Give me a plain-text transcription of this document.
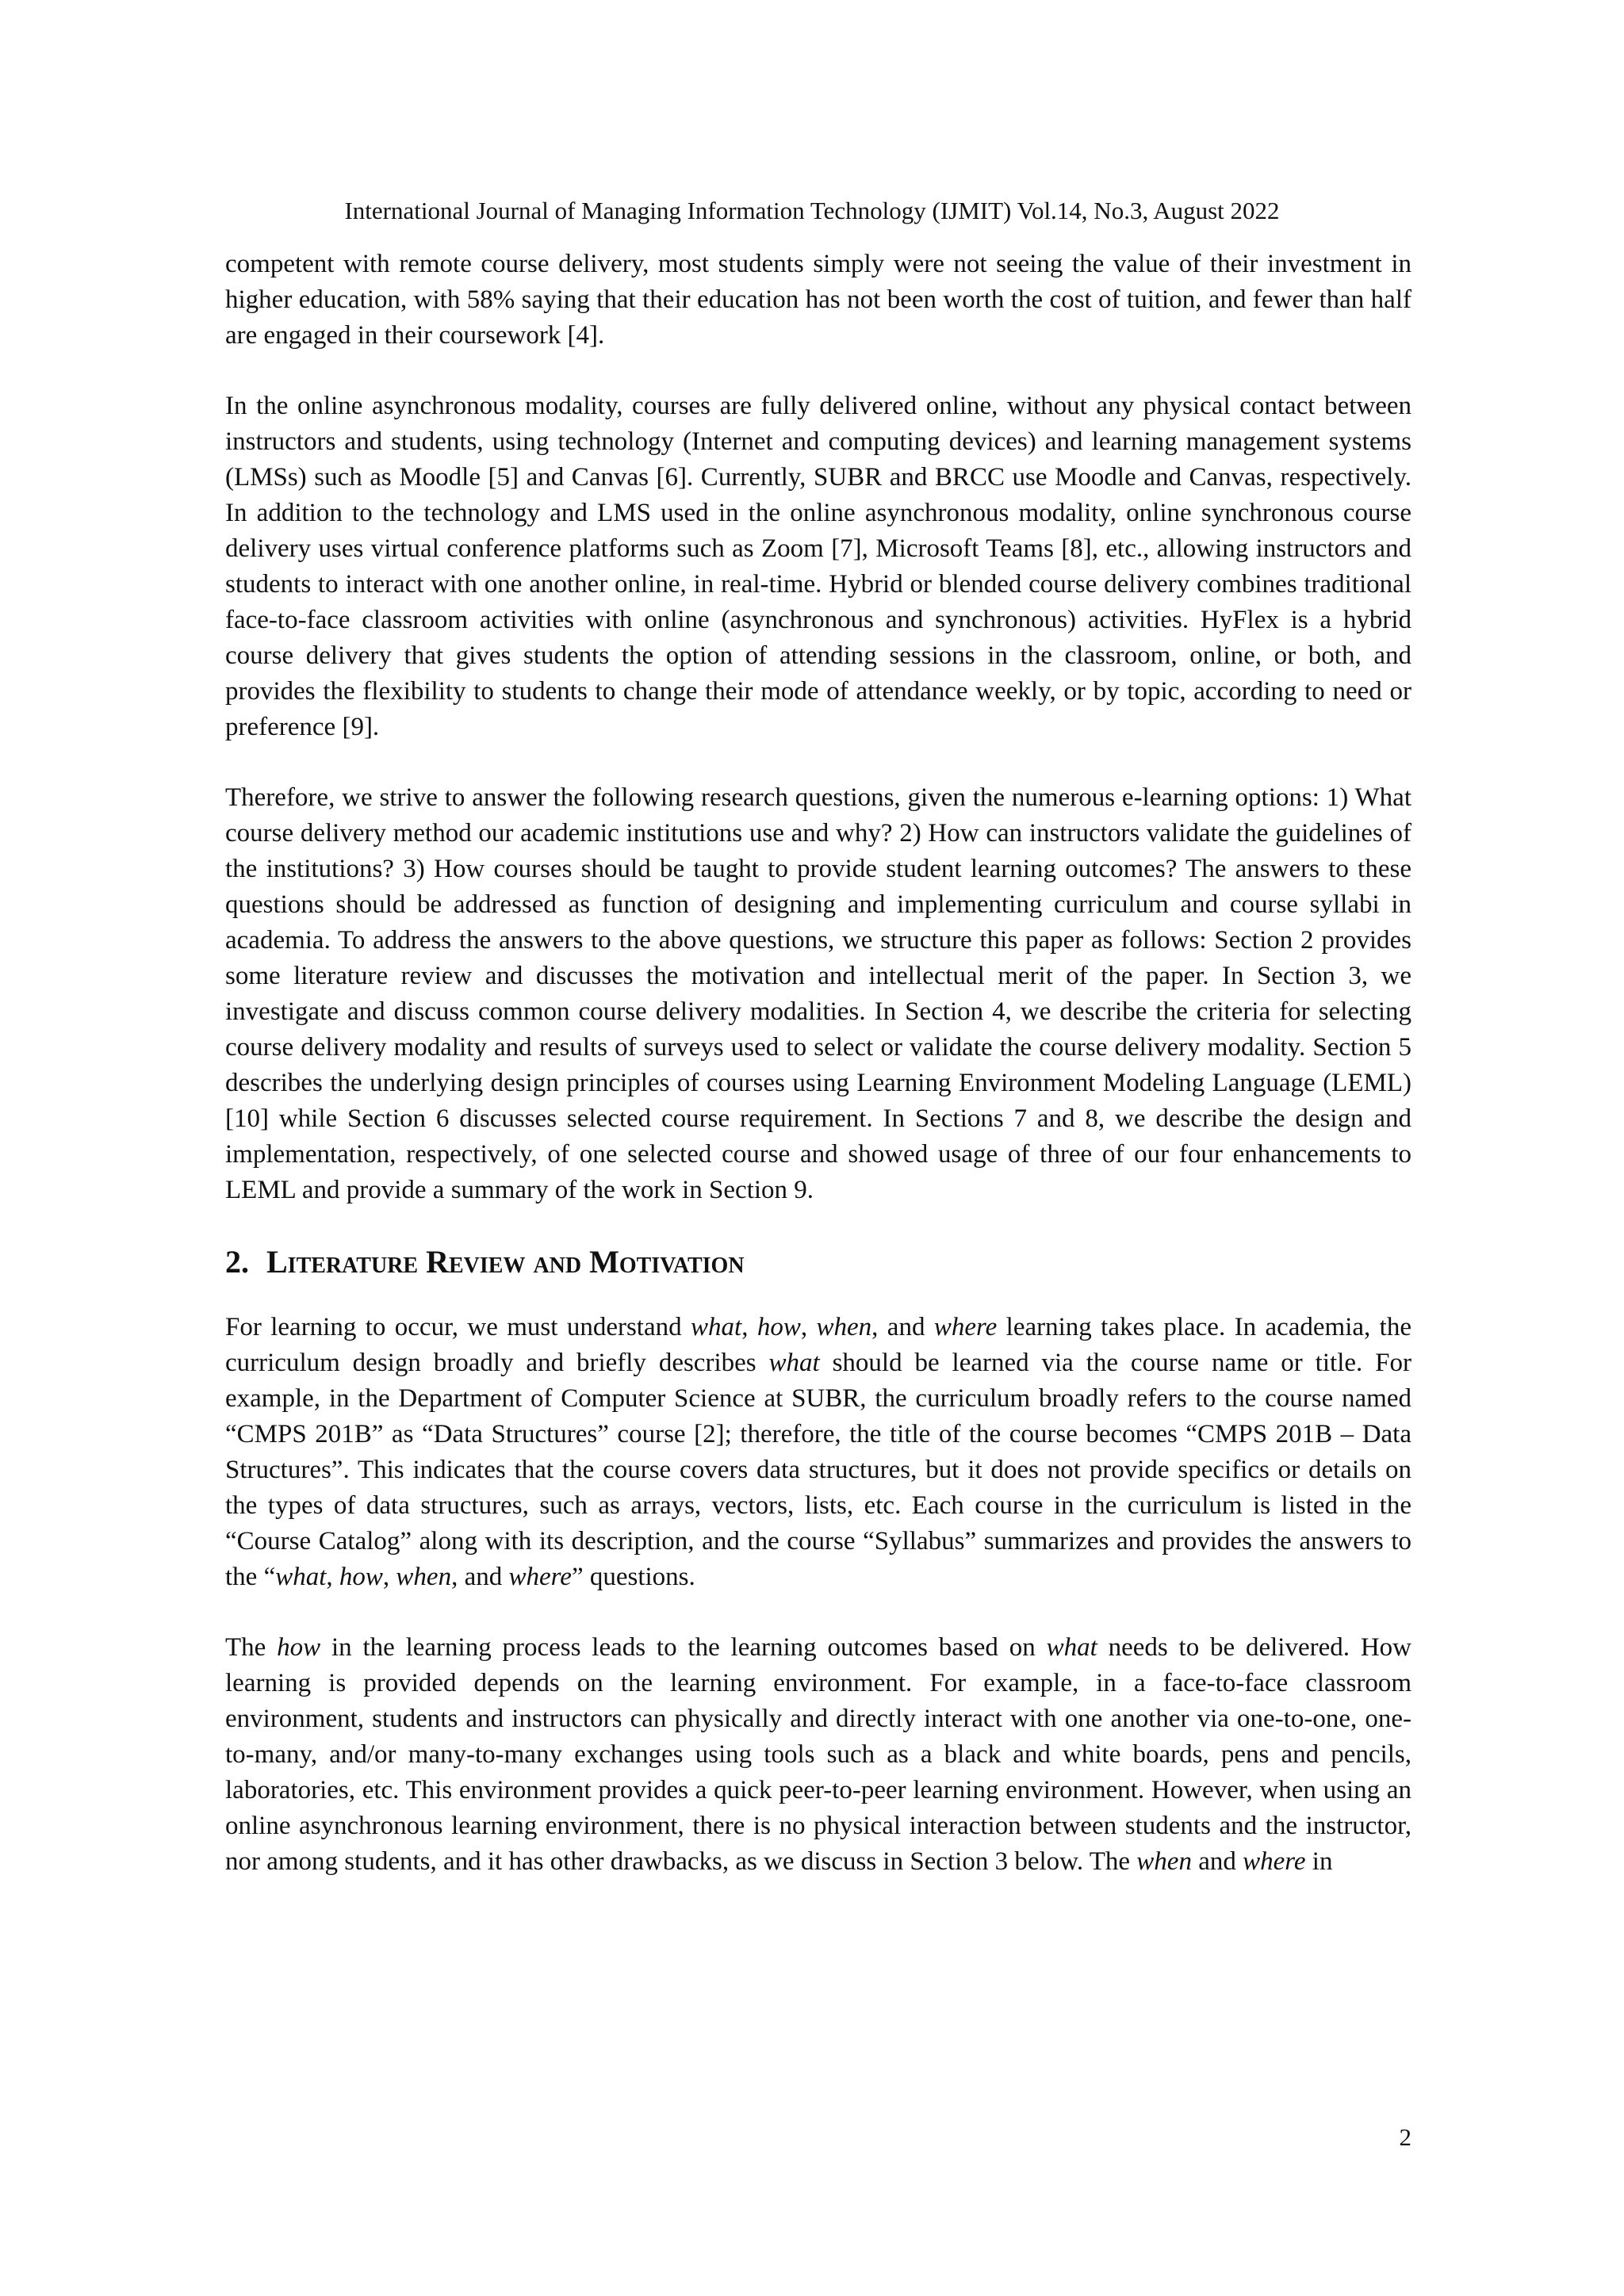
International Journal of Managing Information Technology (IJMIT) Vol.14, No.3, August 2022

competent with remote course delivery, most students simply were not seeing the value of their investment in higher education, with 58% saying that their education has not been worth the cost of tuition, and fewer than half are engaged in their coursework [4].

In the online asynchronous modality, courses are fully delivered online, without any physical contact between instructors and students, using technology (Internet and computing devices) and learning management systems (LMSs) such as Moodle [5] and Canvas [6]. Currently, SUBR and BRCC use Moodle and Canvas, respectively. In addition to the technology and LMS used in the online asynchronous modality, online synchronous course delivery uses virtual conference platforms such as Zoom [7], Microsoft Teams [8], etc., allowing instructors and students to interact with one another online, in real-time. Hybrid or blended course delivery combines traditional face-to-face classroom activities with online (asynchronous and synchronous) activities. HyFlex is a hybrid course delivery that gives students the option of attending sessions in the classroom, online, or both, and provides the flexibility to students to change their mode of attendance weekly, or by topic, according to need or preference [9].

Therefore, we strive to answer the following research questions, given the numerous e-learning options: 1) What course delivery method our academic institutions use and why? 2) How can instructors validate the guidelines of the institutions? 3) How courses should be taught to provide student learning outcomes? The answers to these questions should be addressed as function of designing and implementing curriculum and course syllabi in academia. To address the answers to the above questions, we structure this paper as follows: Section 2 provides some literature review and discusses the motivation and intellectual merit of the paper. In Section 3, we investigate and discuss common course delivery modalities. In Section 4, we describe the criteria for selecting course delivery modality and results of surveys used to select or validate the course delivery modality. Section 5 describes the underlying design principles of courses using Learning Environment Modeling Language (LEML) [10] while Section 6 discusses selected course requirement. In Sections 7 and 8, we describe the design and implementation, respectively, of one selected course and showed usage of three of our four enhancements to LEML and provide a summary of the work in Section 9.

2. Literature Review and Motivation

For learning to occur, we must understand what, how, when, and where learning takes place. In academia, the curriculum design broadly and briefly describes what should be learned via the course name or title. For example, in the Department of Computer Science at SUBR, the curriculum broadly refers to the course named “CMPS 201B” as “Data Structures” course [2]; therefore, the title of the course becomes “CMPS 201B – Data Structures”. This indicates that the course covers data structures, but it does not provide specifics or details on the types of data structures, such as arrays, vectors, lists, etc. Each course in the curriculum is listed in the “Course Catalog” along with its description, and the course “Syllabus” summarizes and provides the answers to the “what, how, when, and where” questions.

The how in the learning process leads to the learning outcomes based on what needs to be delivered. How learning is provided depends on the learning environment. For example, in a face-to-face classroom environment, students and instructors can physically and directly interact with one another via one-to-one, one-to-many, and/or many-to-many exchanges using tools such as a black and white boards, pens and pencils, laboratories, etc. This environment provides a quick peer-to-peer learning environment. However, when using an online asynchronous learning environment, there is no physical interaction between students and the instructor, nor among students, and it has other drawbacks, as we discuss in Section 3 below. The when and where in

2
